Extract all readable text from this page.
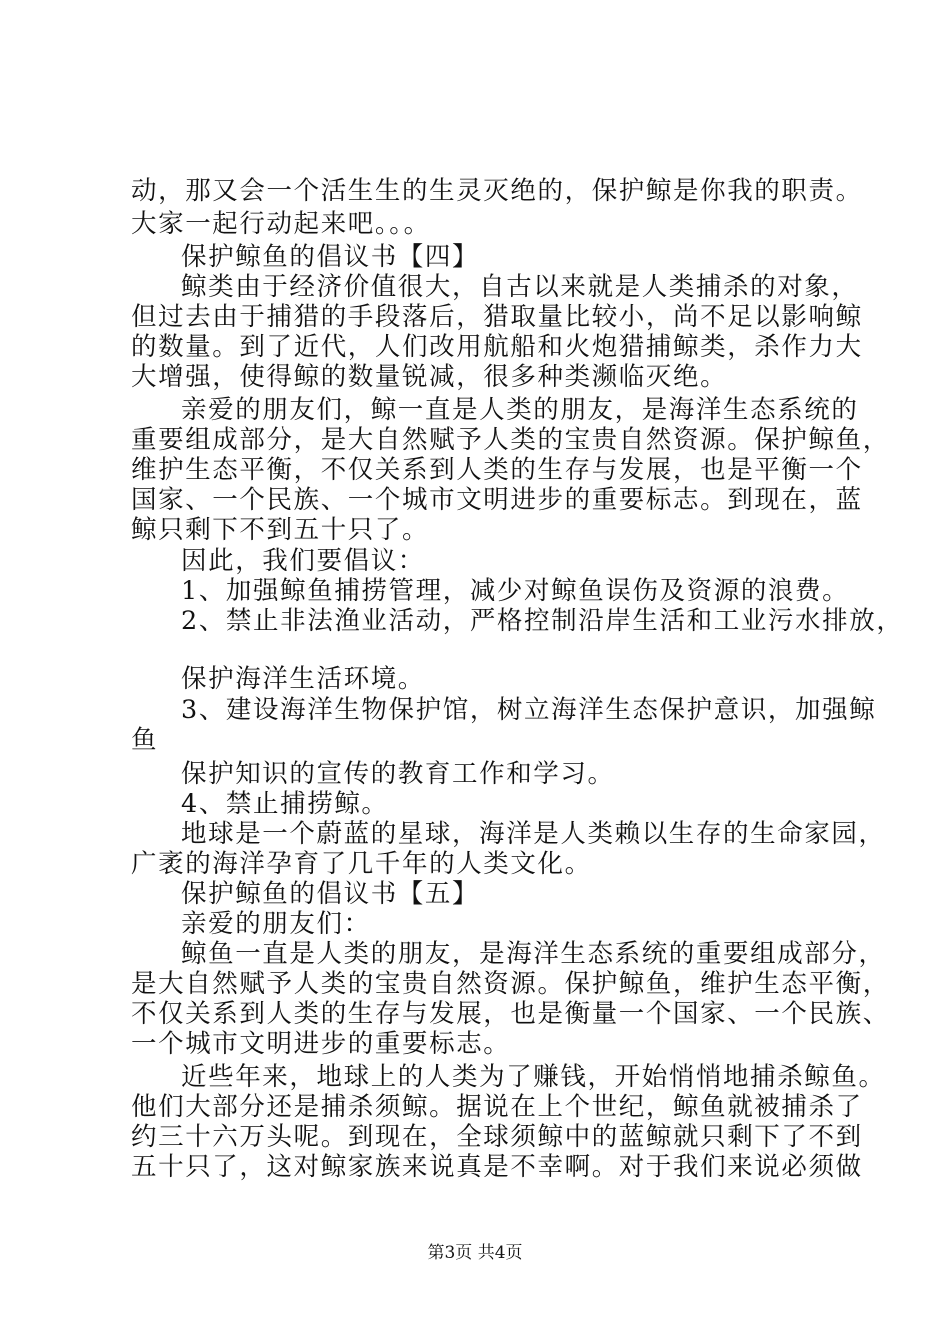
动，那又会一个活生生的生灵灭绝的，保护鲸是你我的职责。
大家一起行动起来吧。。。
保护鲸鱼的倡议书【四】
鲸类由于经济价值很大，自古以来就是人类捕杀的对象，
但过去由于捕猎的手段落后，猎取量比较小，尚不足以影响鲸
的数量。到了近代，人们改用航船和火炮猎捕鲸类，杀作力大
大增强，使得鲸的数量锐减，很多种类濒临灭绝。
亲爱的朋友们，鲸一直是人类的朋友，是海洋生态系统的
重要组成部分，是大自然赋予人类的宝贵自然资源。保护鲸鱼，
维护生态平衡，不仅关系到人类的生存与发展，也是平衡一个
国家、一个民族、一个城市文明进步的重要标志。到现在，蓝
鲸只剩下不到五十只了。
因此，我们要倡议：
1、加强鲸鱼捕捞管理，减少对鲸鱼误伤及资源的浪费。
2、禁止非法渔业活动，严格控制沿岸生活和工业污水排放，
保护海洋生活环境。
3、建设海洋生物保护馆，树立海洋生态保护意识，加强鲸
鱼
保护知识的宣传的教育工作和学习。
4、禁止捕捞鲸。
地球是一个蔚蓝的星球，海洋是人类赖以生存的生命家园，
广袤的海洋孕育了几千年的人类文化。
保护鲸鱼的倡议书【五】
亲爱的朋友们：
鲸鱼一直是人类的朋友，是海洋生态系统的重要组成部分，
是大自然赋予人类的宝贵自然资源。保护鲸鱼，维护生态平衡，
不仅关系到人类的生存与发展，也是衡量一个国家、一个民族、
一个城市文明进步的重要标志。
近些年来，地球上的人类为了赚钱，开始悄悄地捕杀鲸鱼。
他们大部分还是捕杀须鲸。据说在上个世纪，鲸鱼就被捕杀了
约三十六万头呢。到现在，全球须鲸中的蓝鲸就只剩下了不到
五十只了，这对鲸家族来说真是不幸啊。对于我们来说必须做
第3页 共4页
